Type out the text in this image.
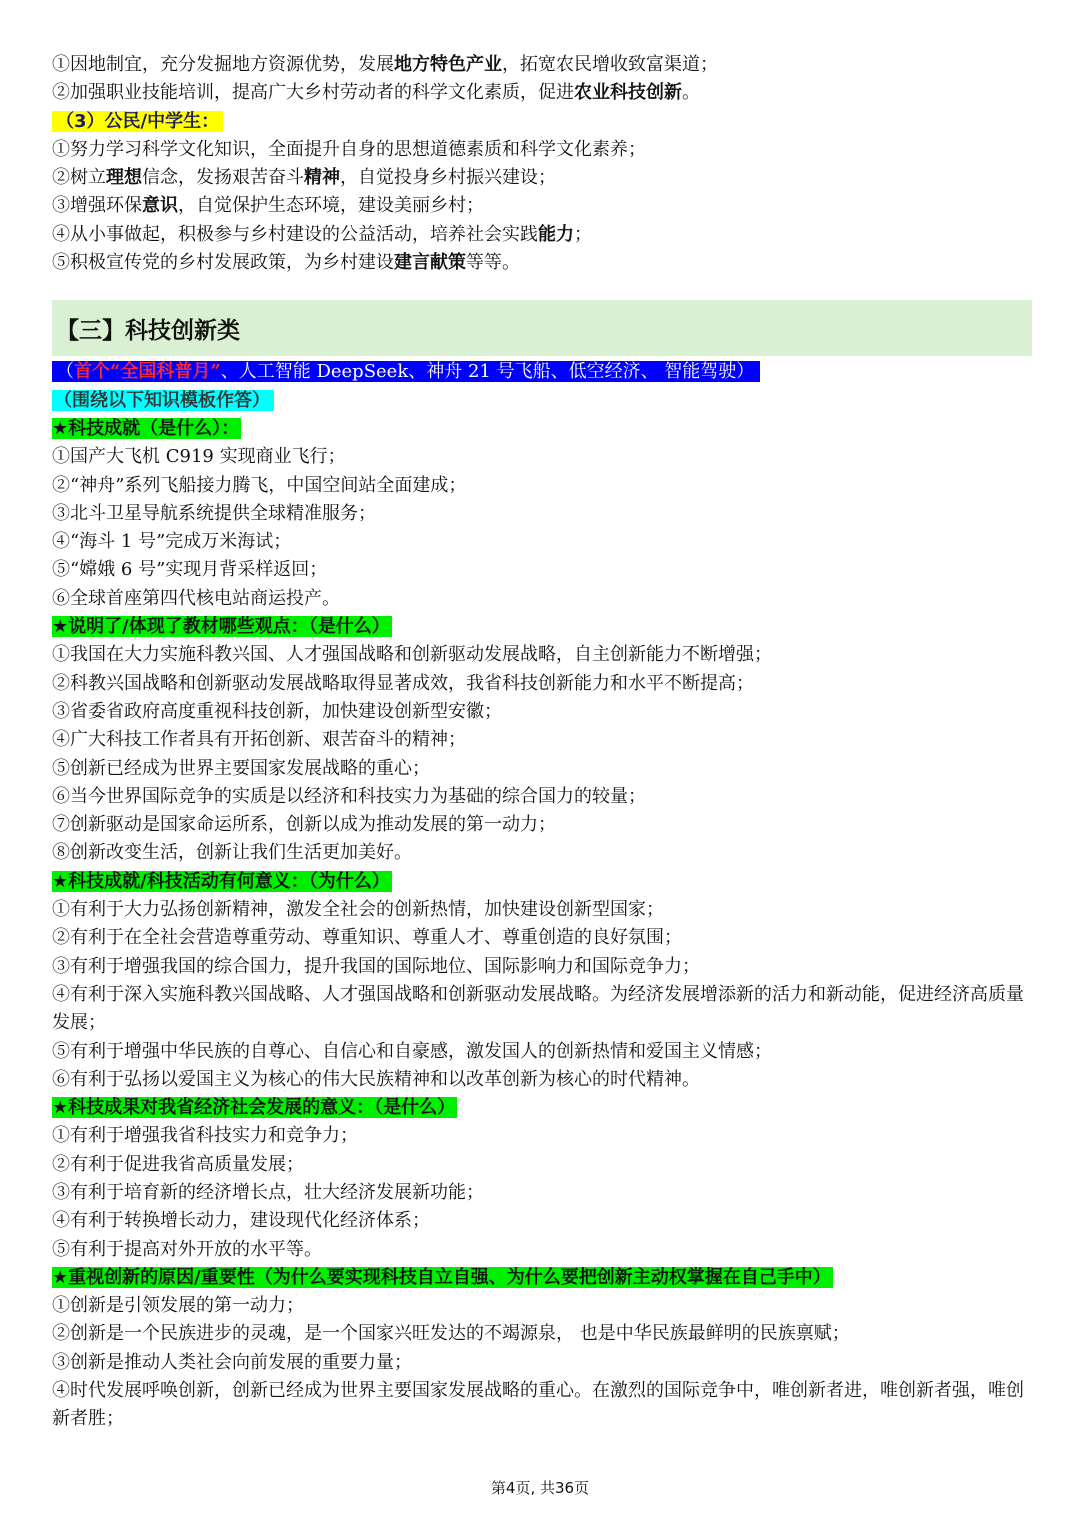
①因地制宜，充分发掘地方资源优势，发展地方特色产业，拓宽农民增收致富渠道；
②加强职业技能培训，提高广大乡村劳动者的科学文化素质，促进农业科技创新。
（3）公民/中学生：
①努力学习科学文化知识，全面提升自身的思想道德素质和科学文化素养；
②树立理想信念，发扬艰苦奋斗精神，自觉投身乡村振兴建设；
③增强环保意识，自觉保护生态环境，建设美丽乡村；
④从小事做起，积极参与乡村建设的公益活动，培养社会实践能力；
⑤积极宣传党的乡村发展政策，为乡村建设建言献策等等。
【三】科技创新类
（首个“全国科普月”、人工智能 DeepSeek、神舟 21 号飞船、低空经济、 智能驾驶）
（围绕以下知识模板作答）
★科技成就（是什么）：
①国产大飞机 C919 实现商业飞行；
②“神舟”系列飞船接力腾飞，中国空间站全面建成；
③北斗卫星导航系统提供全球精准服务；
④“海斗 1 号”完成万米海试；
⑤“嫦娥 6 号”实现月背采样返回；
⑥全球首座第四代核电站商运投产。
★说明了/体现了教材哪些观点：（是什么）
①我国在大力实施科教兴国、人才强国战略和创新驱动发展战略，自主创新能力不断增强；
②科教兴国战略和创新驱动发展战略取得显著成效，我省科技创新能力和水平不断提高；
③省委省政府高度重视科技创新，加快建设创新型安徽；
④广大科技工作者具有开拓创新、艰苦奋斗的精神；
⑤创新已经成为世界主要国家发展战略的重心；
⑥当今世界国际竞争的实质是以经济和科技实力为基础的综合国力的较量；
⑦创新驱动是国家命运所系，创新以成为推动发展的第一动力；
⑧创新改变生活，创新让我们生活更加美好。
★科技成就/科技活动有何意义：（为什么）
①有利于大力弘扬创新精神，激发全社会的创新热情，加快建设创新型国家；
②有利于在全社会营造尊重劳动、尊重知识、尊重人才、尊重创造的良好氛围；
③有利于增强我国的综合国力，提升我国的国际地位、国际影响力和国际竞争力；
④有利于深入实施科教兴国战略、人才强国战略和创新驱动发展战略。为经济发展增添新的活力和新动能，促进经济高质量发展；
⑤有利于增强中华民族的自尊心、自信心和自豪感，激发国人的创新热情和爱国主义情感；
⑥有利于弘扬以爱国主义为核心的伟大民族精神和以改革创新为核心的时代精神。
★科技成果对我省经济社会发展的意义：（是什么）
①有利于增强我省科技实力和竞争力；
②有利于促进我省高质量发展；
③有利于培育新的经济增长点，壮大经济发展新功能；
④有利于转换增长动力，建设现代化经济体系；
⑤有利于提高对外开放的水平等。
★重视创新的原因/重要性（为什么要实现科技自立自强、为什么要把创新主动权掌握在自己手中）
①创新是引领发展的第一动力；
②创新是一个民族进步的灵魂，是一个国家兴旺发达的不竭源泉， 也是中华民族最鲜明的民族禀赋；
③创新是推动人类社会向前发展的重要力量；
④时代发展呼唤创新，创新已经成为世界主要国家发展战略的重心。在激烈的国际竞争中，唯创新者进，唯创新者强，唯创新者胜；
第4页, 共36页
